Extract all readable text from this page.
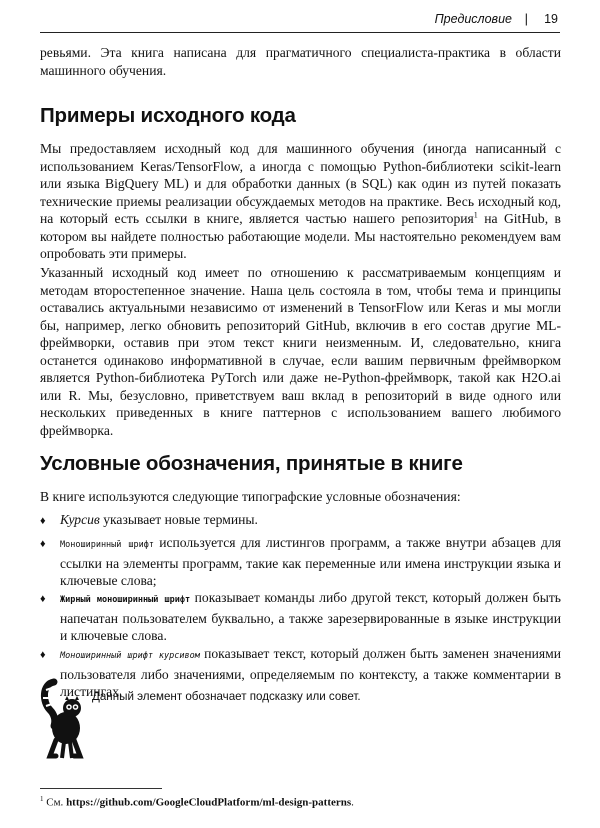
Предисловие | 19

ревьями. Эта книга написана для прагматичного специалиста-практика в области машинного обучения.

Примеры исходного кода

Мы предоставляем исходный код для машинного обучения (иногда написанный с использованием Keras/TensorFlow, а иногда с помощью Python-библиотеки scikit-learn или языка BigQuery ML) и для обработки данных (в SQL) как один из путей показать технические приемы реализации обсуждаемых методов на практике. Весь исходный код, на который есть ссылки в книге, является частью нашего репозитория$^1$ на GitHub, в котором вы найдете полностью работающие модели. Мы настоятельно рекомендуем вам опробовать эти примеры.

Указанный исходный код имеет по отношению к рассматриваемым концепциям и методам второстепенное значение. Наша цель состояла в том, чтобы тема и принципы оставались актуальными независимо от изменений в TensorFlow или Keras и мы могли бы, например, легко обновить репозиторий GitHub, включив в его состав другие ML-фреймворки, оставив при этом текст книги неизменным. И, следовательно, книга останется одинаково информативной в случае, если вашим первичным фреймворком является Python-библиотека PyTorch или даже не-Python-фреймворк, такой как H2O.ai или R. Мы, безусловно, приветствуем ваш вклад в репозиторий в виде одного или нескольких приведенных в книге паттернов с использованием вашего любимого фреймворка.

Условные обозначения, принятые в книге

В книге используются следующие типографские условные обозначения:

♦ Курсив указывает новые термины.
♦ Моноширинный шрифт используется для листингов программ, а также внутри абзацев для ссылки на элементы программ, такие как переменные или имена инструкции языка и ключевые слова;
♦ Жирный моноширинный шрифт показывает команды либо другой текст, который должен быть напечатан пользователем буквально, а также зарезервированные в языке инструкции и ключевые слова.
♦ Моноширинный шрифт курсивом показывает текст, который должен быть заменен значениями пользователя либо значениями, определяемым по контексту, а также комментарии в листингах.
Данный элемент обозначает подсказку или совет.
$^1$ См. https://github.com/GoogleCloudPlatform/ml-design-patterns.
